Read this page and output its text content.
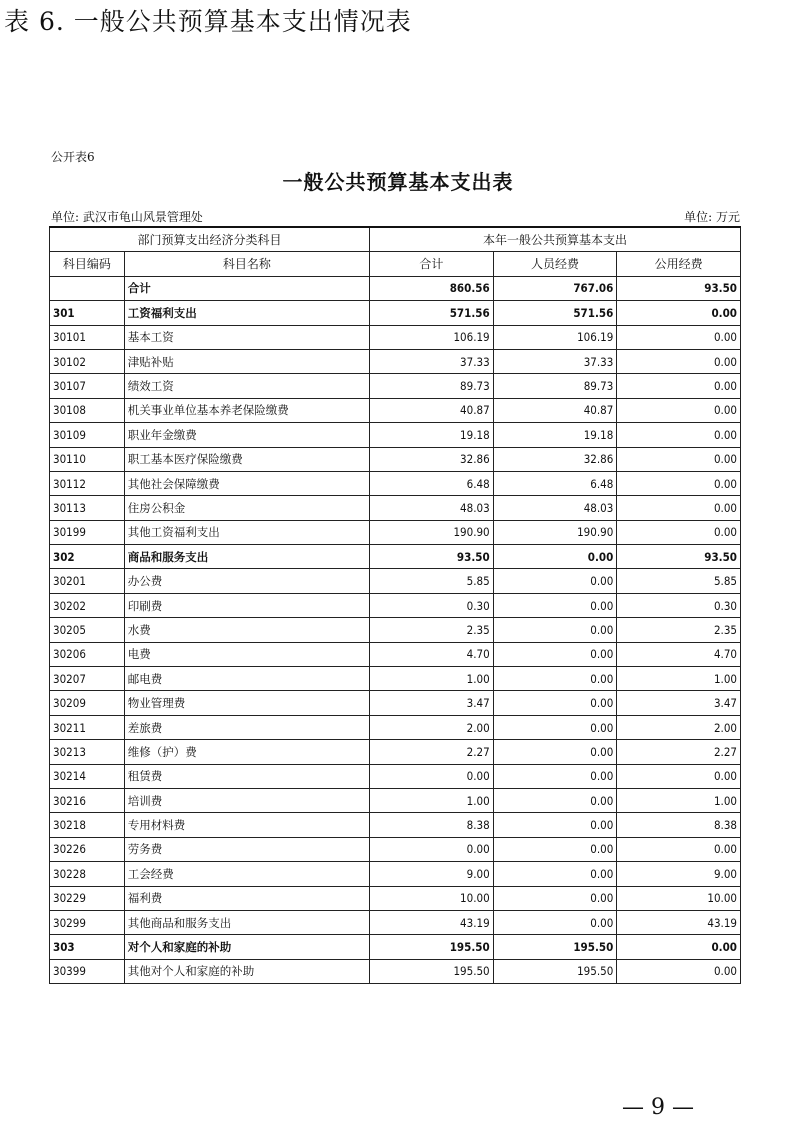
表 6. 一般公共预算基本支出情况表
公开表6
一般公共预算基本支出表
单位: 武汉市龟山风景管理处	单位: 万元
部门预算支出经济分类科目		本年一般公共预算基本支出		
科目编码	科目名称	合计	人员经费	公用经费
	合计	860.56	767.06	93.50
301	工资福利支出	571.56	571.56	0.00
30101	基本工资	106.19	106.19	0.00
30102	津贴补贴	37.33	37.33	0.00
30107	绩效工资	89.73	89.73	0.00
30108	机关事业单位基本养老保险缴费	40.87	40.87	0.00
30109	职业年金缴费	19.18	19.18	0.00
30110	职工基本医疗保险缴费	32.86	32.86	0.00
30112	其他社会保障缴费	6.48	6.48	0.00
30113	住房公积金	48.03	48.03	0.00
30199	其他工资福利支出	190.90	190.90	0.00
302	商品和服务支出	93.50	0.00	93.50
30201	办公费	5.85	0.00	5.85
30202	印刷费	0.30	0.00	0.30
30205	水费	2.35	0.00	2.35
30206	电费	4.70	0.00	4.70
30207	邮电费	1.00	0.00	1.00
30209	物业管理费	3.47	0.00	3.47
30211	差旅费	2.00	0.00	2.00
30213	维修（护）费	2.27	0.00	2.27
30214	租赁费	0.00	0.00	0.00
30216	培训费	1.00	0.00	1.00
30218	专用材料费	8.38	0.00	8.38
30226	劳务费	0.00	0.00	0.00
30228	工会经费	9.00	0.00	9.00
30229	福利费	10.00	0.00	10.00
30299	其他商品和服务支出	43.19	0.00	43.19
303	对个人和家庭的补助	195.50	195.50	0.00
30399	其他对个人和家庭的补助	195.50	195.50	0.00
— 9 —
